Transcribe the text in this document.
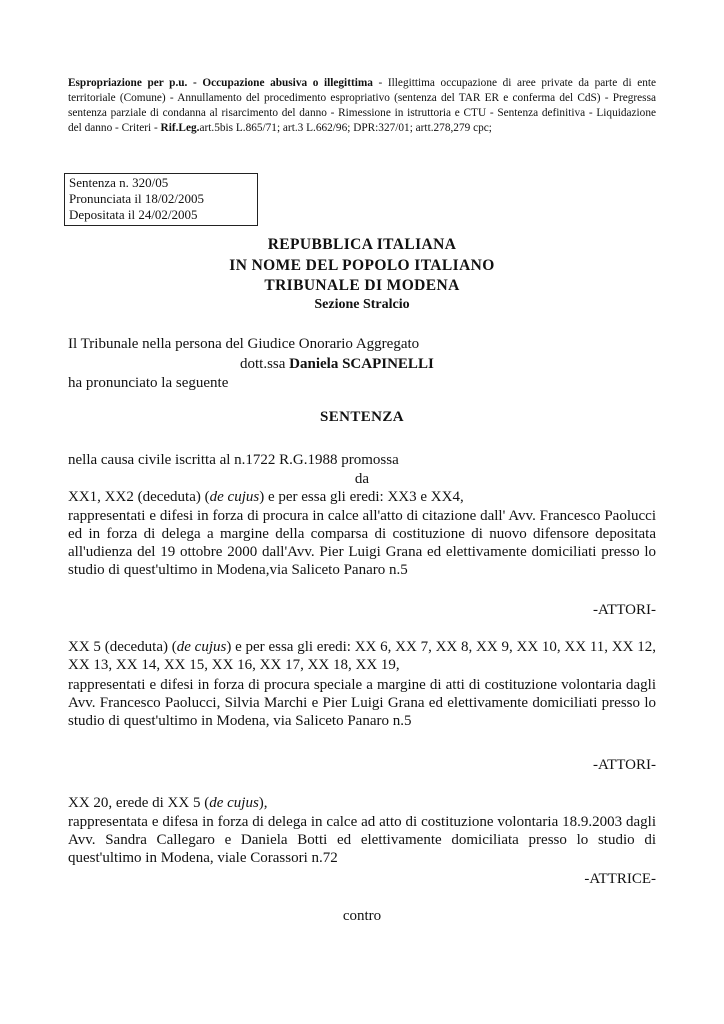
Espropriazione per p.u. - Occupazione abusiva o illegittima - Illegittima occupazione di aree private da parte di ente territoriale (Comune) - Annullamento del procedimento espropriativo (sentenza del TAR ER e conferma del CdS) - Pregressa sentenza parziale di condanna al risarcimento del danno - Rimessione in istruttoria e CTU - Sentenza definitiva - Liquidazione del danno - Criteri - Rif.Leg.art.5bis L.865/71; art.3 L.662/96; DPR:327/01; artt.278,279 cpc;
Sentenza n. 320/05
Pronunciata il 18/02/2005
Depositata il 24/02/2005
REPUBBLICA ITALIANA
IN NOME DEL POPOLO ITALIANO
TRIBUNALE DI MODENA
Sezione Stralcio
Il Tribunale nella persona del Giudice Onorario Aggregato
dott.ssa Daniela SCAPINELLI
ha pronunciato la seguente
SENTENZA
nella causa civile iscritta al n.1722 R.G.1988 promossa
da
XX1, XX2 (deceduta) (de cujus) e per essa gli eredi: XX3 e XX4,
rappresentati e difesi in forza di procura in calce all'atto di citazione dall' Avv. Francesco Paolucci ed in forza di delega a margine della comparsa di costituzione di nuovo difensore depositata all'udienza del 19 ottobre 2000 dall'Avv. Pier Luigi Grana ed elettivamente domiciliati presso lo studio di quest'ultimo in Modena,via Saliceto Panaro n.5
-ATTORI-
XX 5 (deceduta) (de cujus) e per essa gli eredi: XX 6, XX 7, XX 8, XX 9, XX 10, XX 11, XX 12, XX 13, XX 14, XX 15, XX 16, XX 17, XX 18, XX 19,
rappresentati e difesi in forza di procura speciale a margine di atti di costituzione volontaria dagli Avv. Francesco Paolucci, Silvia Marchi e Pier Luigi Grana ed elettivamente domiciliati presso lo studio di quest'ultimo in Modena, via Saliceto Panaro n.5
-ATTORI-
XX 20, erede di XX 5 (de cujus),
rappresentata e difesa in forza di delega in calce ad atto di costituzione volontaria 18.9.2003 dagli Avv. Sandra Callegaro e Daniela Botti ed elettivamente domiciliata presso lo studio di quest'ultimo in Modena, viale Corassori n.72
-ATTRICE-
contro
